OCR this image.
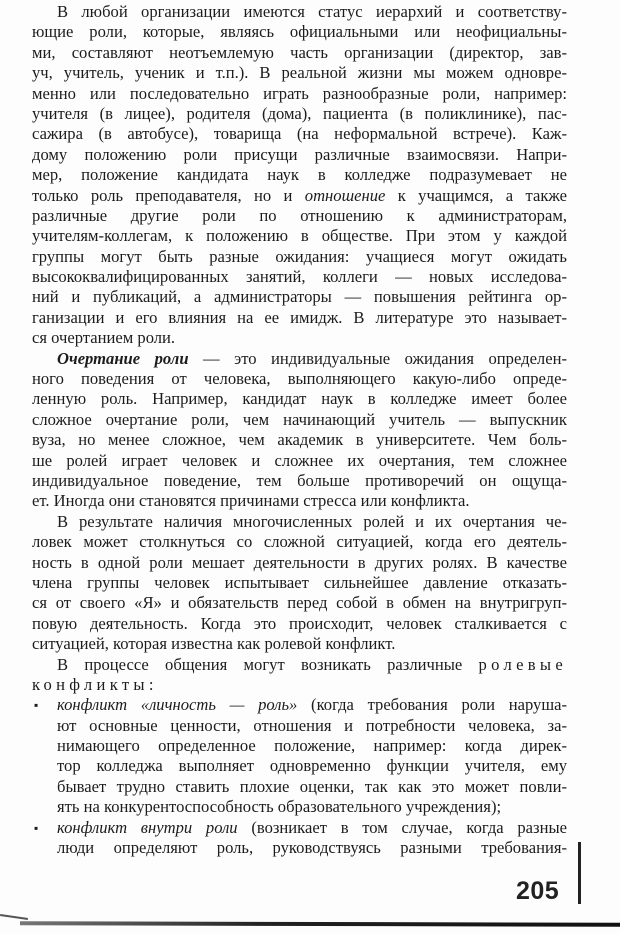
В любой организации имеются статус иерархий и соответству-
ющие роли, которые, являясь официальными или неофициальны-
ми, составляют неотъемлемую часть организации (директор, зав-
уч, учитель, ученик и т.п.). В реальной жизни мы можем одновре-
менно или последовательно играть разнообразные роли, например:
учителя (в лицее), родителя (дома), пациента (в поликлинике), пас-
сажира (в автобусе), товарища (на неформальной встрече). Каж-
дому положению роли присущи различные взаимосвязи. Напри-
мер, положение кандидата наук в колледже подразумевает не
только роль преподавателя, но и отношение к учащимся, а также
различные другие роли по отношению к администраторам,
учителям-коллегам, к положению в обществе. При этом у каждой
группы могут быть разные ожидания: учащиеся могут ожидать
высококвалифицированных занятий, коллеги — новых исследова-
ний и публикаций, а администраторы — повышения рейтинга ор-
ганизации и его влияния на ее имидж. В литературе это называет-
ся очертанием роли.
Очертание роли — это индивидуальные ожидания определен-
ного поведения от человека, выполняющего какую-либо опреде-
ленную роль. Например, кандидат наук в колледже имеет более
сложное очертание роли, чем начинающий учитель — выпускник
вуза, но менее сложное, чем академик в университете. Чем боль-
ше ролей играет человек и сложнее их очертания, тем сложнее
индивидуальное поведение, тем больше противоречий он ощуща-
ет. Иногда они становятся причинами стресса или конфликта.
В результате наличия многочисленных ролей и их очертания че-
ловек может столкнуться со сложной ситуацией, когда его деятель-
ность в одной роли мешает деятельности в других ролях. В качестве
члена группы человек испытывает сильнейшее давление отказать-
ся от своего «Я» и обязательств перед собой в обмен на внутригруп-
повую деятельность. Когда это происходит, человек сталкивается с
ситуацией, которая известна как ролевой конфликт.
В процессе общения могут возникать различные ролевые
конфликты:
▪ конфликт «личность — роль» (когда требования роли наруша-
ют основные ценности, отношения и потребности человека, за-
нимающего определенное положение, например: когда дирек-
тор колледжа выполняет одновременно функции учителя, ему
бывает трудно ставить плохие оценки, так как это может повли-
ять на конкурентоспособность образовательного учреждения);
▪ конфликт внутри роли (возникает в том случае, когда разные
люди определяют роль, руководствуясь разными требования-
205
